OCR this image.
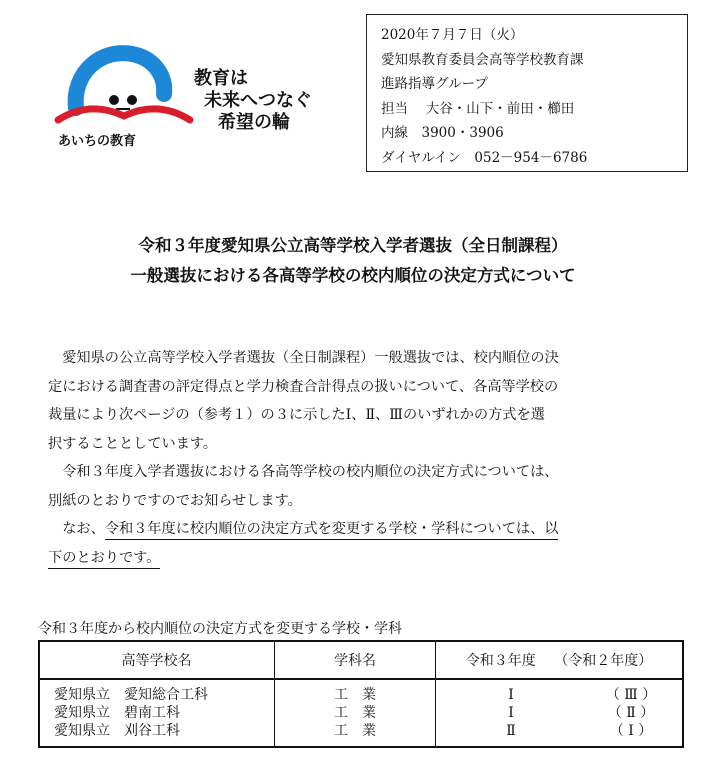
教育は
未来へつなぐ
希望の輪
あいちの教育
2020年７月７日（火）
愛知県教育委員会高等学校教育課
進路指導グループ
担当　 大谷・山下・前田・櫛田
内線　3900・3906
ダイヤルイン　052－954－6786
令和３年度愛知県公立高等学校入学者選抜（全日制課程）
一般選抜における各高等学校の校内順位の決定方式について

　愛知県の公立高等学校入学者選抜（全日制課程）一般選抜では、校内順位の決

定における調査書の評定得点と学力検査合計得点の扱いについて、各高等学校の

裁量により次ページの（参考１）の３に示したⅠ、Ⅱ、Ⅲのいずれかの方式を選

択することとしています。

　令和３年度入学者選抜における各高等学校の校内順位の決定方式については、

別紙のとおりですのでお知らせします。

　なお、令和３年度に校内順位の決定方式を変更する学校・学科については、以

下のとおりです。

令和３年度から校内順位の決定方式を変更する学校・学科
高等学校名	学科名	令和３年度　 （令和２年度）
愛知県立　愛知総合工科	工　業	Ⅰ （ Ⅲ ）
愛知県立　碧南工科	工　業	Ⅰ （ Ⅱ ）
愛知県立　刈谷工科	工　業	Ⅱ （ Ⅰ ）
